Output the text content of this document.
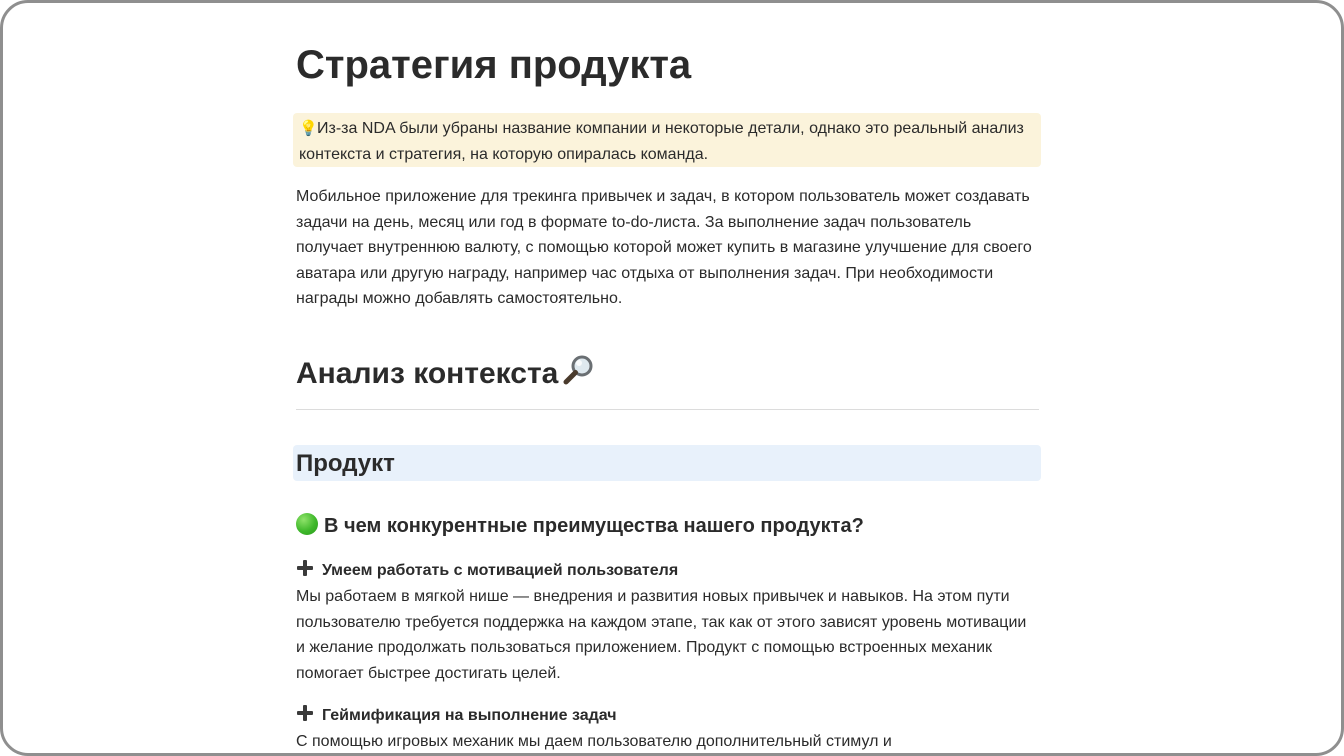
Стратегия продукта
💡Из-за NDA были убраны название компании и некоторые детали, однако это реальный анализ контекста и стратегия, на которую опиралась команда.

Мобильное приложение для трекинга привычек и задач, в котором пользователь может создавать задачи на день, месяц или год в формате to-do-листа. За выполнение задач пользователь получает внутреннюю валюту, с помощью которой может купить в магазине улучшение для своего аватара или другую награду, например час отдыха от выполнения задач. При необходимости награды можно добавлять самостоятельно.

Анализ контекста
Продукт
В чем конкурентные преимущества нашего продукта?
Умеем работать с мотивацией пользователя

Мы работаем в мягкой нише — внедрения и развития новых привычек и навыков. На этом пути пользователю требуется поддержка на каждом этапе, так как от этого зависят уровень мотивации и желание продолжать пользоваться приложением. Продукт с помощью встроенных механик помогает быстрее достигать целей.

Геймификация на выполнение задач

С помощью игровых механик мы даем пользователю дополнительный стимул и
